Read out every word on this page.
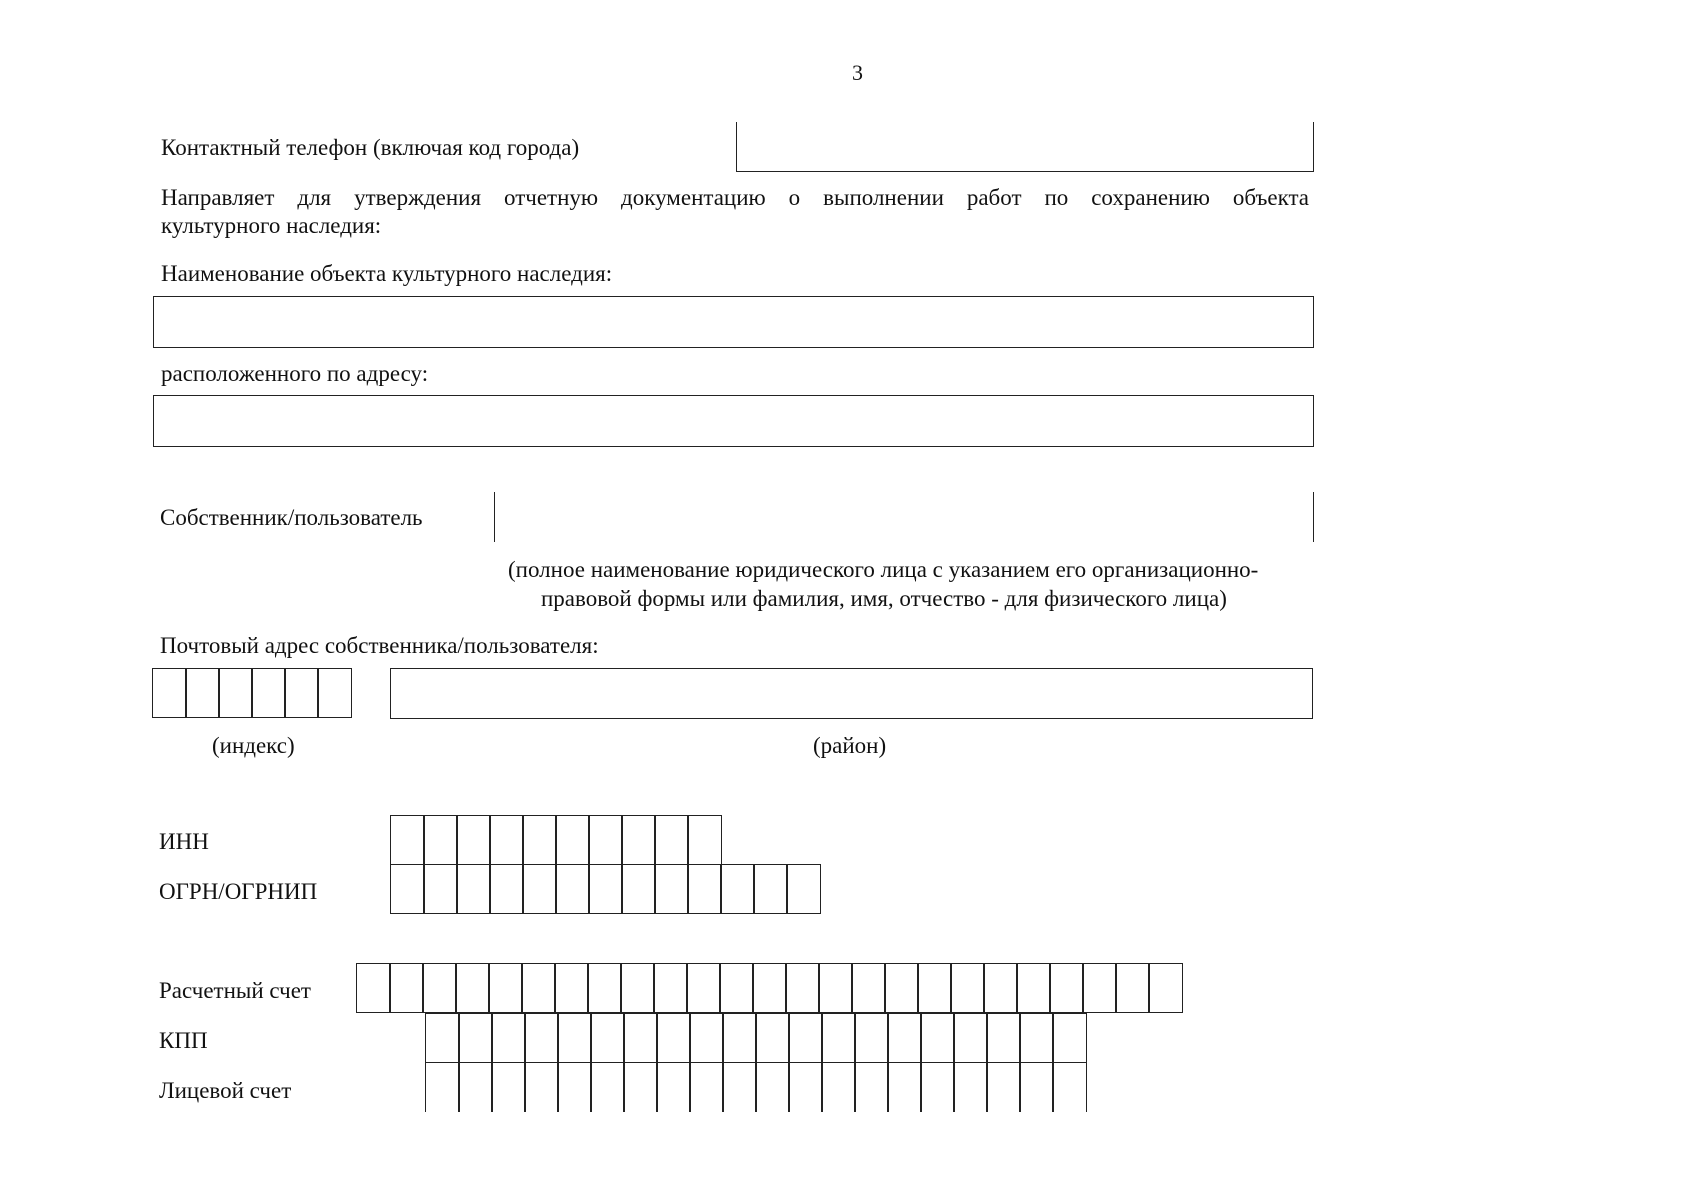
3
Контактный телефон (включая код города)
Направляет для утверждения отчетную документацию о выполнении работ по сохранению объекта
культурного наследия:
Наименование объекта культурного наследия:
расположенного по адресу:
Собственник/пользователь
(полное наименование юридического лица с указанием его организационно-
правовой формы или фамилия, имя, отчество - для физического лица)
Почтовый адрес собственника/пользователя:
(индекс)	(район)
ИНН
ОГРН/ОГРНИП
Расчетный счет
КПП
Лицевой счет
